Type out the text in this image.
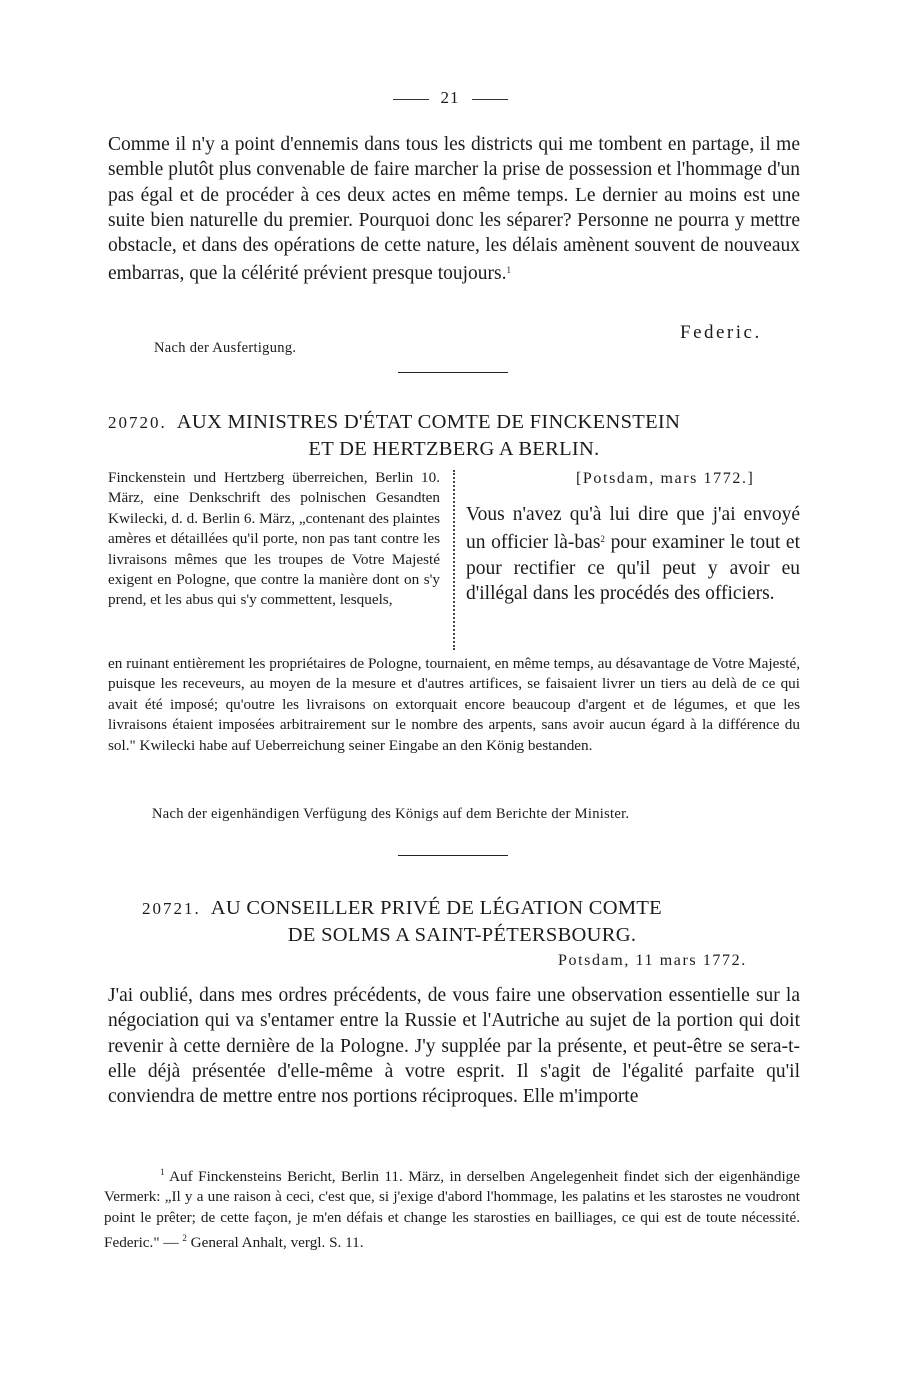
21
Comme il n'y a point d'ennemis dans tous les districts qui me tombent en partage, il me semble plutôt plus convenable de faire marcher la prise de possession et l'hommage d'un pas égal et de procéder à ces deux actes en même temps. Le dernier au moins est une suite bien naturelle du premier. Pourquoi donc les séparer? Personne ne pourra y mettre obstacle, et dans des opérations de cette nature, les délais amènent souvent de nouveaux embarras, que la célérité prévient presque toujours.$^1$
Federic.
Nach der Ausfertigung.
20720. AUX MINISTRES D'ÉTAT COMTE DE FINCKENSTEIN
ET DE HERTZBERG A BERLIN.
Finckenstein und Hertzberg überreichen, Berlin 10. März, eine Denkschrift des polnischen Gesandten Kwilecki, d. d. Berlin 6. März, „contenant des plaintes amères et détaillées qu'il porte, non pas tant contre les livraisons mêmes que les troupes de Votre Majesté exigent en Pologne, que contre la manière dont on s'y prend, et les abus qui s'y commettent, lesquels,
[Potsdam, mars 1772.]
Vous n'avez qu'à lui dire que j'ai envoyé un officier là-bas$^2$ pour examiner le tout et pour rectifier ce qu'il peut y avoir eu d'illégal dans les procédés des officiers.
en ruinant entièrement les propriétaires de Pologne, tournaient, en même temps, au désavantage de Votre Majesté, puisque les receveurs, au moyen de la mesure et d'autres artifices, se faisaient livrer un tiers au delà de ce qui avait été imposé; qu'outre les livraisons on extorquait encore beaucoup d'argent et de légumes, et que les livraisons étaient imposées arbitrairement sur le nombre des arpents, sans avoir aucun égard à la différence du sol." Kwilecki habe auf Ueberreichung seiner Eingabe an den König bestanden.
Nach der eigenhändigen Verfügung des Königs auf dem Berichte der Minister.
20721. AU CONSEILLER PRIVÉ DE LÉGATION COMTE
DE SOLMS A SAINT-PÉTERSBOURG.
Potsdam, 11 mars 1772.
J'ai oublié, dans mes ordres précédents, de vous faire une observation essentielle sur la négociation qui va s'entamer entre la Russie et l'Autriche au sujet de la portion qui doit revenir à cette dernière de la Pologne. J'y supplée par la présente, et peut-être se sera-t-elle déjà présentée d'elle-même à votre esprit. Il s'agit de l'égalité parfaite qu'il conviendra de mettre entre nos portions réciproques. Elle m'importe

$^1$ Auf Finckensteins Bericht, Berlin 11. März, in derselben Angelegenheit findet sich der eigenhändige Vermerk: „Il y a une raison à ceci, c'est que, si j'exige d'abord l'hommage, les palatins et les starostes ne voudront point le prêter; de cette façon, je m'en défais et change les starosties en bailliages, ce qui est de toute nécessité. Federic." — $^2$ General Anhalt, vergl. S. 11.
